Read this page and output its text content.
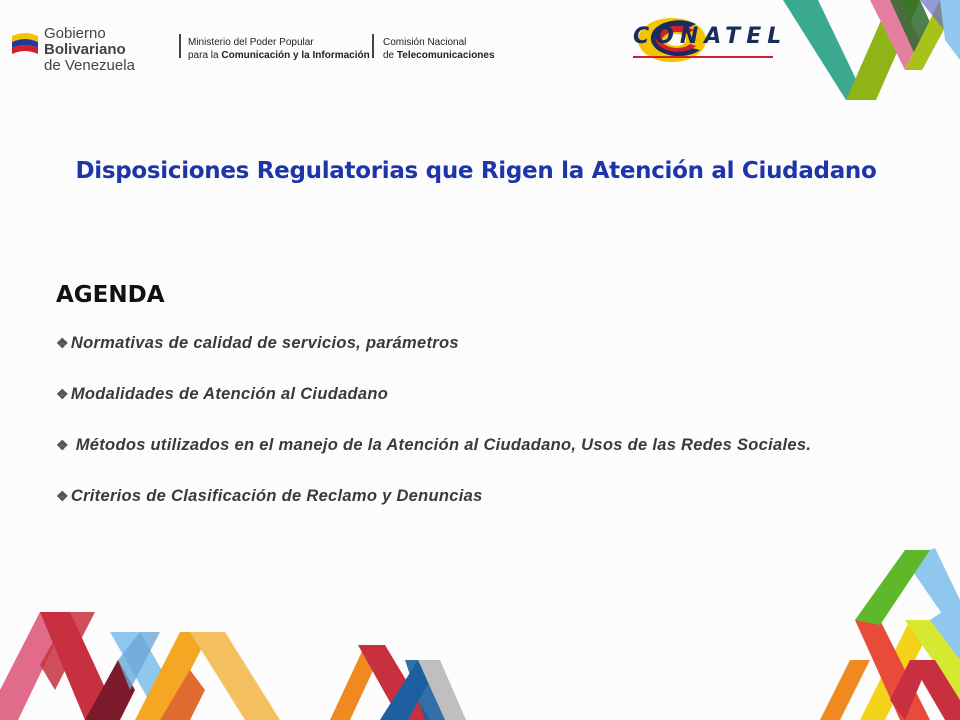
Gobierno Bolivariano
de Venezuela
Ministerio del Poder Popular
para la Comunicación y la Información
Comisión Nacional
de Telecomunicaciones
CONATEL
Disposiciones Regulatorias que Rigen la Atención al Ciudadano
AGENDA
❖ Normativas de calidad de servicios, parámetros
❖ Modalidades de Atención al Ciudadano
❖ Métodos utilizados en el manejo de la Atención al Ciudadano, Usos de las Redes Sociales.
❖ Criterios de Clasificación de Reclamo y Denuncias
